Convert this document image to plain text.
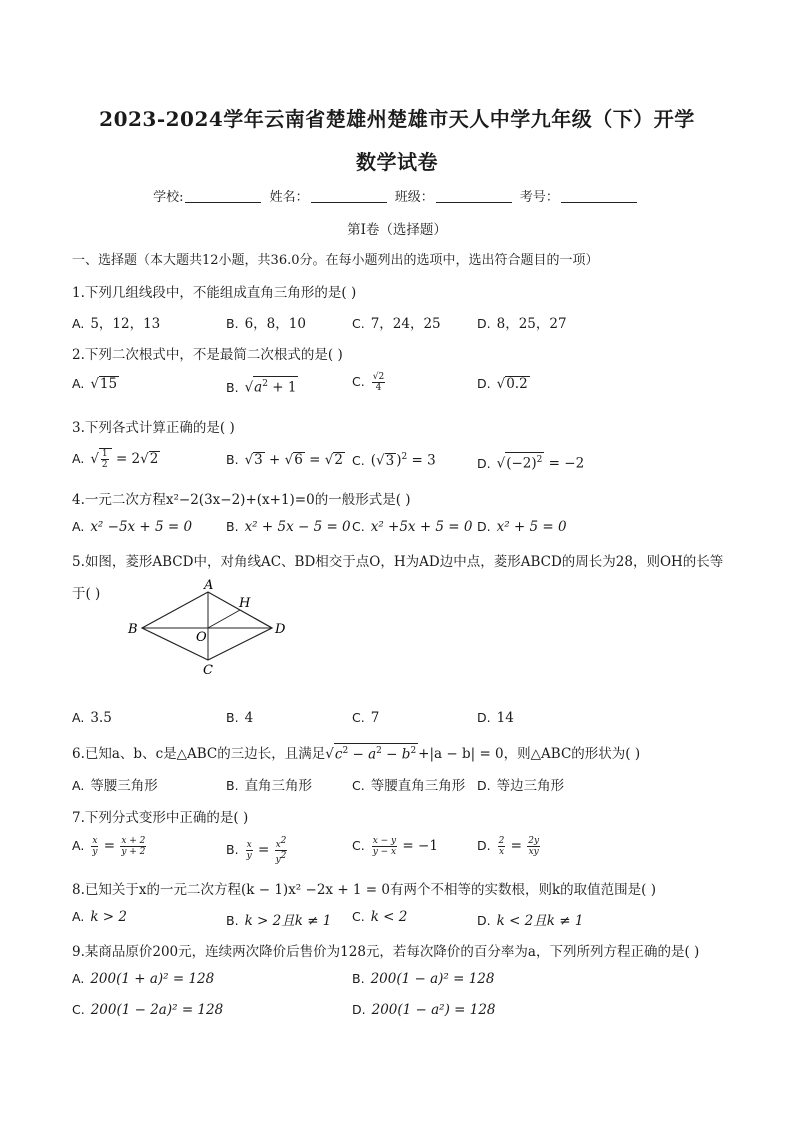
2023-2024学年云南省楚雄州楚雄市天人中学九年级（下）开学
数学试卷
学校:	姓名：	班级：	考号：
第Ⅰ卷（选择题）
一、选择题（本大题共12小题，共36.0分。在每小题列出的选项中，选出符合题目的一项）
1.下列几组线段中，不能组成直角三角形的是( )
A. 5，12，13	B. 6，8，10	C. 7，24，25	D. 8，25，27
2.下列二次根式中，不是最简二次根式的是( )
A. √15	B. $√a^2 + 1$	C. $\frac{√2}{4}$	D. √0.2
3.下列各式计算正确的是( )
A. √ $\frac{1}{2} = 2√2$	B. √3 + √6 = √2 C. (√3 )$^2$ = 3	D. $√(-2)^2 = -2$
4.一元二次方程x²−2(3x−2)+(x+1)=0的一般形式是( )
A. x² −5x + 5 = 0	B. x² + 5x − 5 = 0 C. x² +5x + 5 = 0 D. x² + 5 = 0
5.如图，菱形ABCD中，对角线AC、BD相交于点O，H为AD边中点，菱形ABCD的周长为28，则OH的长等
于( )
A
B
C
D
O
H
A. 3.5	B. 4	C. 7	D. 14
6.已知a、b、c是△ABC的三边长，且满足$√c^2 - a^2 - b^2 +|a - b| = 0$，则△ABC的形状为( )
A. 等腰三角形	B. 直角三角形	C. 等腰直角三角形 D. 等边三角形
7.下列分式变形中正确的是( )
A. $\frac{x}{y} = \frac{x + 2}{y + 2}$	B. $\frac{x}{y} = \frac{x^2}{y^2}$	C. $\frac{x - y}{y - x} = -1$	D. $\frac{2}{x} = \frac{2y}{xy}$
8.已知关于x的一元二次方程(k − 1)x² −2x + 1 = 0有两个不相等的实数根，则k的取值范围是( )
A. k > 2	B. k > 2且k ≠ 1 C. k < 2	D. k < 2且k ≠ 1
9.某商品原价200元，连续两次降价后售价为128元，若每次降价的百分率为a，下列所列方程正确的是( )
A. 200(1 + a)² = 128	B. 200(1 − a)² = 128
C. 200(1 − 2a)² = 128	D. 200(1 − a²) = 128
